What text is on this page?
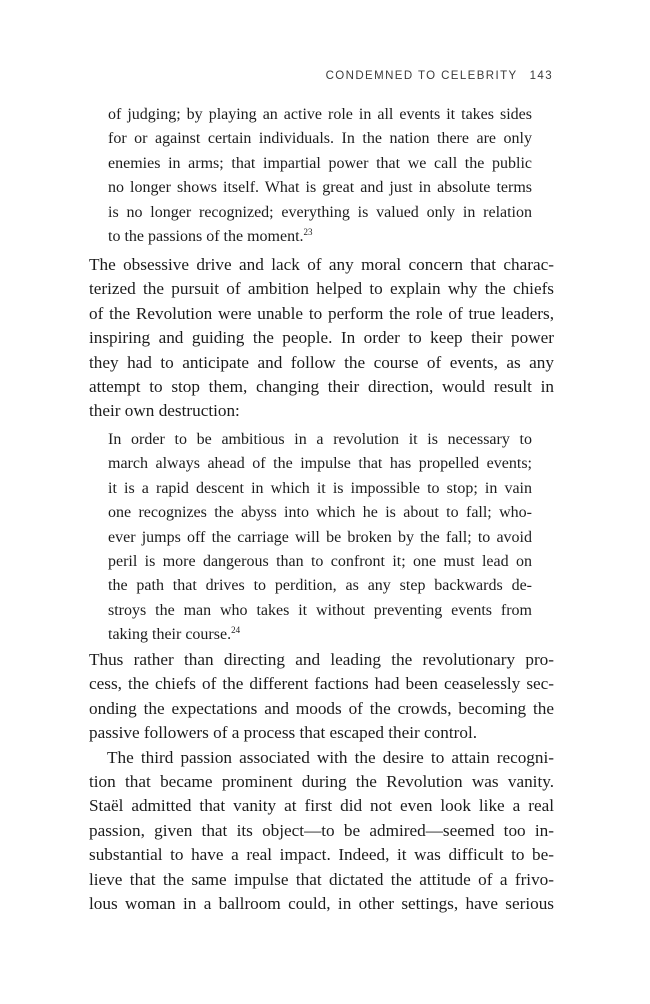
CONDEMNED TO CELEBRITY 143
of judging; by playing an active role in all events it takes sides
for or against certain individuals. In the nation there are only
enemies in arms; that impartial power that we call the public
no longer shows itself. What is great and just in absolute terms
is no longer recognized; everything is valued only in relation
to the passions of the moment.$^{23}$
The obsessive drive and lack of any moral concern that charac-
terized the pursuit of ambition helped to explain why the chiefs
of the Revolution were unable to perform the role of true leaders,
inspiring and guiding the people. In order to keep their power
they had to anticipate and follow the course of events, as any
attempt to stop them, changing their direction, would result in
their own destruction:
In order to be ambitious in a revolution it is necessary to
march always ahead of the impulse that has propelled events;
it is a rapid descent in which it is impossible to stop; in vain
one recognizes the abyss into which he is about to fall; who-
ever jumps off the carriage will be broken by the fall; to avoid
peril is more dangerous than to confront it; one must lead on
the path that drives to perdition, as any step backwards de-
stroys the man who takes it without preventing events from
taking their course.$^{24}$
Thus rather than directing and leading the revolutionary pro-
cess, the chiefs of the different factions had been ceaselessly sec-
onding the expectations and moods of the crowds, becoming the
passive followers of a process that escaped their control.
The third passion associated with the desire to attain recogni-
tion that became prominent during the Revolution was vanity.
Staël admitted that vanity at first did not even look like a real
passion, given that its object—to be admired—seemed too in-
substantial to have a real impact. Indeed, it was difficult to be-
lieve that the same impulse that dictated the attitude of a frivo-
lous woman in a ballroom could, in other settings, have serious
